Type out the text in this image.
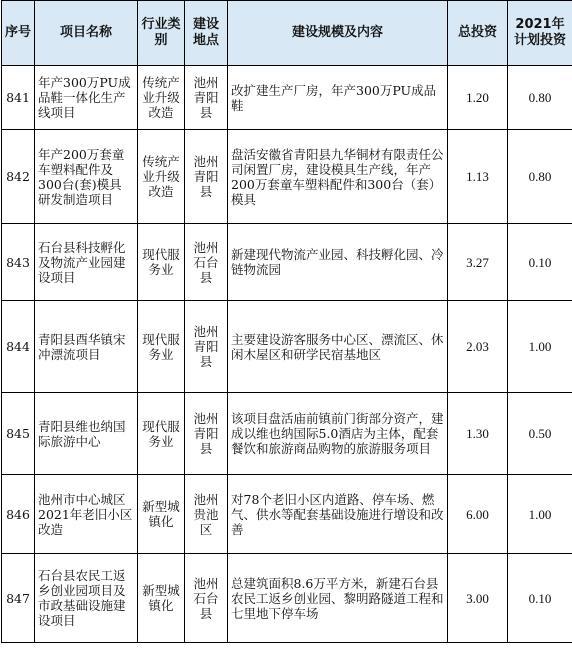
序号	项目名称	行业类别	建设地点	建设规模及内容	总投资	2021年计划投资
841	年产300万PU成品鞋一体化生产线项目	传统产业升级改造	池州青阳县	改扩建生产厂房，年产300万PU成品鞋	1.20	0.80
842	年产200万套童车塑料配件及300台(套)模具研发制造项目	传统产业升级改造	池州青阳县	盘活安徽省青阳县九华铜材有限责任公司闲置厂房，建设模具生产线，年产200万套童车塑料配件和300台（套）模具	1.13	0.80
843	石台县科技孵化及物流产业园建设项目	现代服务业	池州石台县	新建现代物流产业园、科技孵化园、冷链物流园	3.27	0.10
844	青阳县酉华镇宋冲漂流项目	现代服务业	池州青阳县	主要建设游客服务中心区、漂流区、休闲木屋区和研学民宿基地区	2.03	1.00
845	青阳县维也纳国际旅游中心	现代服务业	池州青阳县	该项目盘活庙前镇前门街部分资产，建成以维也纳国际5.0酒店为主体，配套餐饮和旅游商品购物的旅游服务项目	1.30	0.50
846	池州市中心城区2021年老旧小区改造	新型城镇化	池州贵池区	对78个老旧小区内道路、停车场、燃气、供水等配套基础设施进行增设和改善	6.00	1.00
847	石台县农民工返乡创业园项目及市政基础设施建设项目	新型城镇化	池州石台县	总建筑面积8.6万平方米，新建石台县农民工返乡创业园、黎明路隧道工程和七里地下停车场	3.00	0.10
